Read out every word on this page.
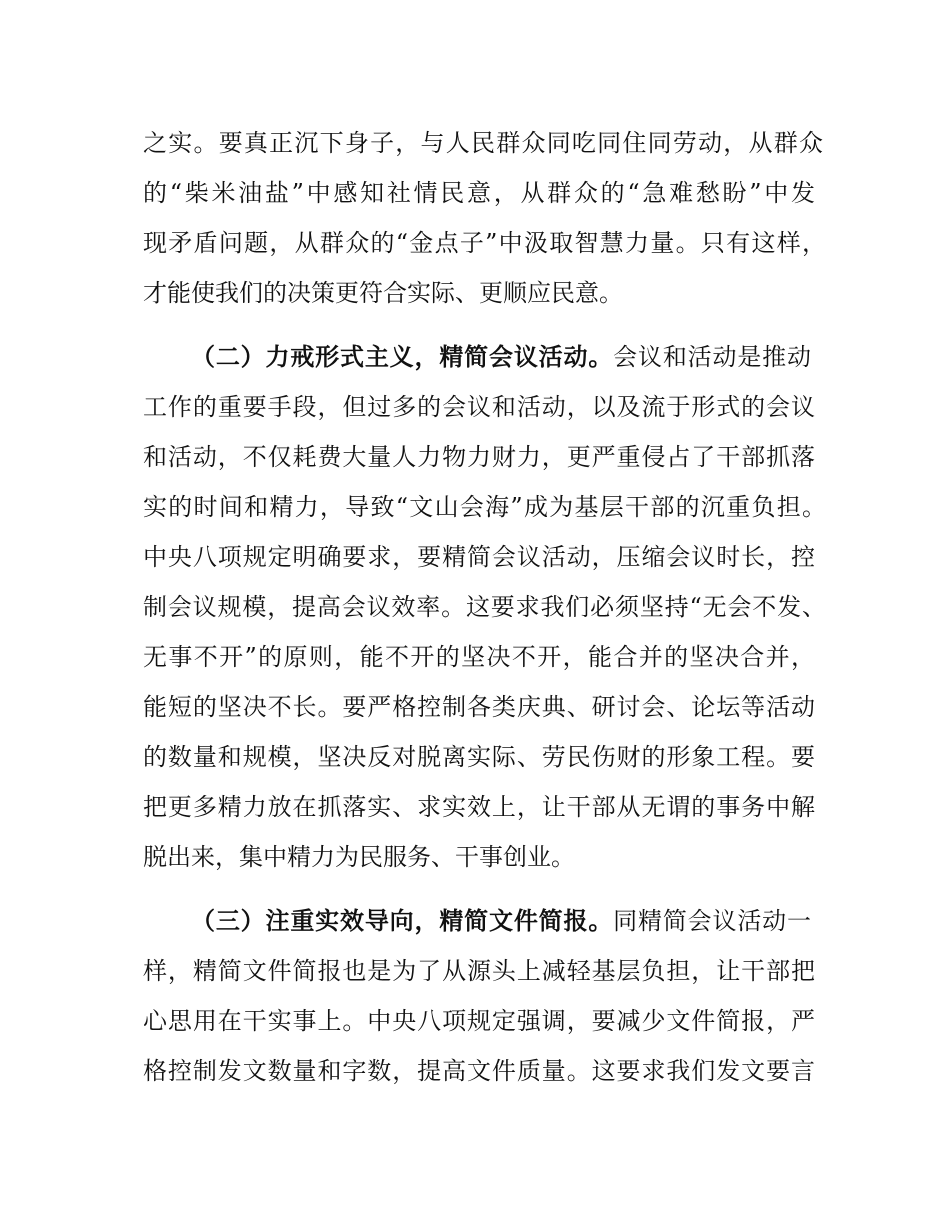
之实。要真正沉下身子，与人民群众同吃同住同劳动，从群众
的“柴米油盐”中感知社情民意，从群众的“急难愁盼”中发
现矛盾问题，从群众的“金点子”中汲取智慧力量。只有这样，
才能使我们的决策更符合实际、更顺应民意。
（二）力戒形式主义，精简会议活动。会议和活动是推动
工作的重要手段，但过多的会议和活动，以及流于形式的会议
和活动，不仅耗费大量人力物力财力，更严重侵占了干部抓落
实的时间和精力，导致“文山会海”成为基层干部的沉重负担。
中央八项规定明确要求，要精简会议活动，压缩会议时长，控
制会议规模，提高会议效率。这要求我们必须坚持“无会不发、
无事不开”的原则，能不开的坚决不开，能合并的坚决合并，
能短的坚决不长。要严格控制各类庆典、研讨会、论坛等活动
的数量和规模，坚决反对脱离实际、劳民伤财的形象工程。要
把更多精力放在抓落实、求实效上，让干部从无谓的事务中解
脱出来，集中精力为民服务、干事创业。
（三）注重实效导向，精简文件简报。同精简会议活动一
样，精简文件简报也是为了从源头上减轻基层负担，让干部把
心思用在干实事上。中央八项规定强调，要减少文件简报，严
格控制发文数量和字数，提高文件质量。这要求我们发文要言
